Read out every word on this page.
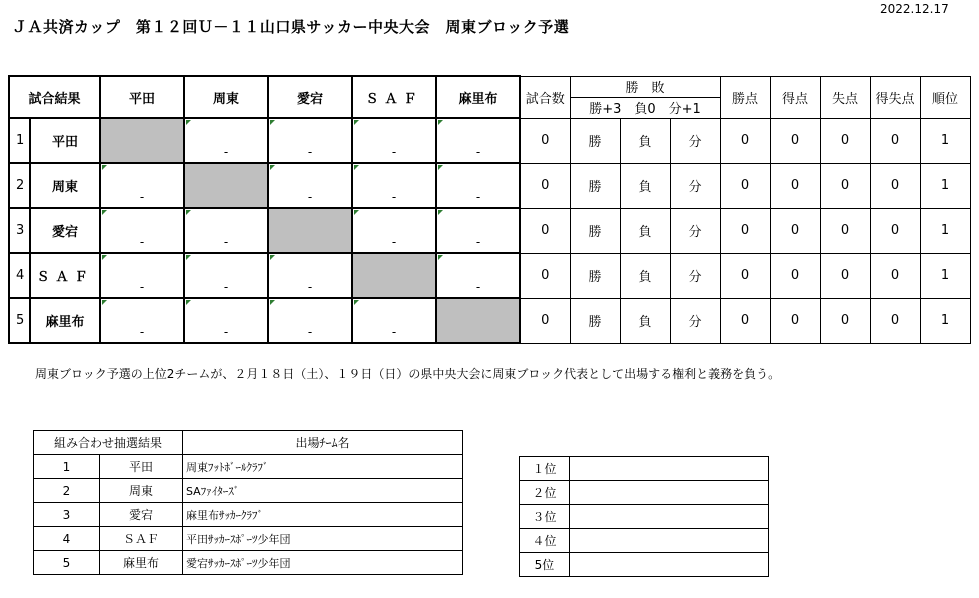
2022.12.17
ＪＡ共済カップ　第１２回Ｕ－１１山口県サッカー中央大会　周東ブロック予選
試合結果		平田	周東	愛宕	ＳＡＦ	麻里布	試合数	勝　敗			勝点	得点	失点	得失点	順位
								勝+3　負0　分+1							
1	平田		-	-	-	-	0	勝	負	分	0	0	0	0	1
2	周東	-		-	-	-	0	勝	負	分	0	0	0	0	1
3	愛宕	-	-		-	-	0	勝	負	分	0	0	0	0	1
4	ＳＡＦ	-	-	-		-	0	勝	負	分	0	0	0	0	1
5	麻里布	-	-	-	-		0	勝	負	分	0	0	0	0	1
周東ブロック予選の上位2チームが、２月１８日（土）、１９日（日）の県中央大会に周東ブロック代表として出場する権利と義務を負う。
組み合わせ抽選結果		出場ﾁｰﾑ名
1	平田	周東ﾌｯﾄﾎﾞｰﾙｸﾗﾌﾞ
2	周東	SAﾌｧｲﾀｰｽﾞ
3	愛宕	麻里布ｻｯｶｰｸﾗﾌﾞ
4	ＳＡＦ	平田ｻｯｶｰｽﾎﾟｰﾂ少年団
5	麻里布	愛宕ｻｯｶｰｽﾎﾟｰﾂ少年団
１位	
２位	
３位	
４位	
5位	
